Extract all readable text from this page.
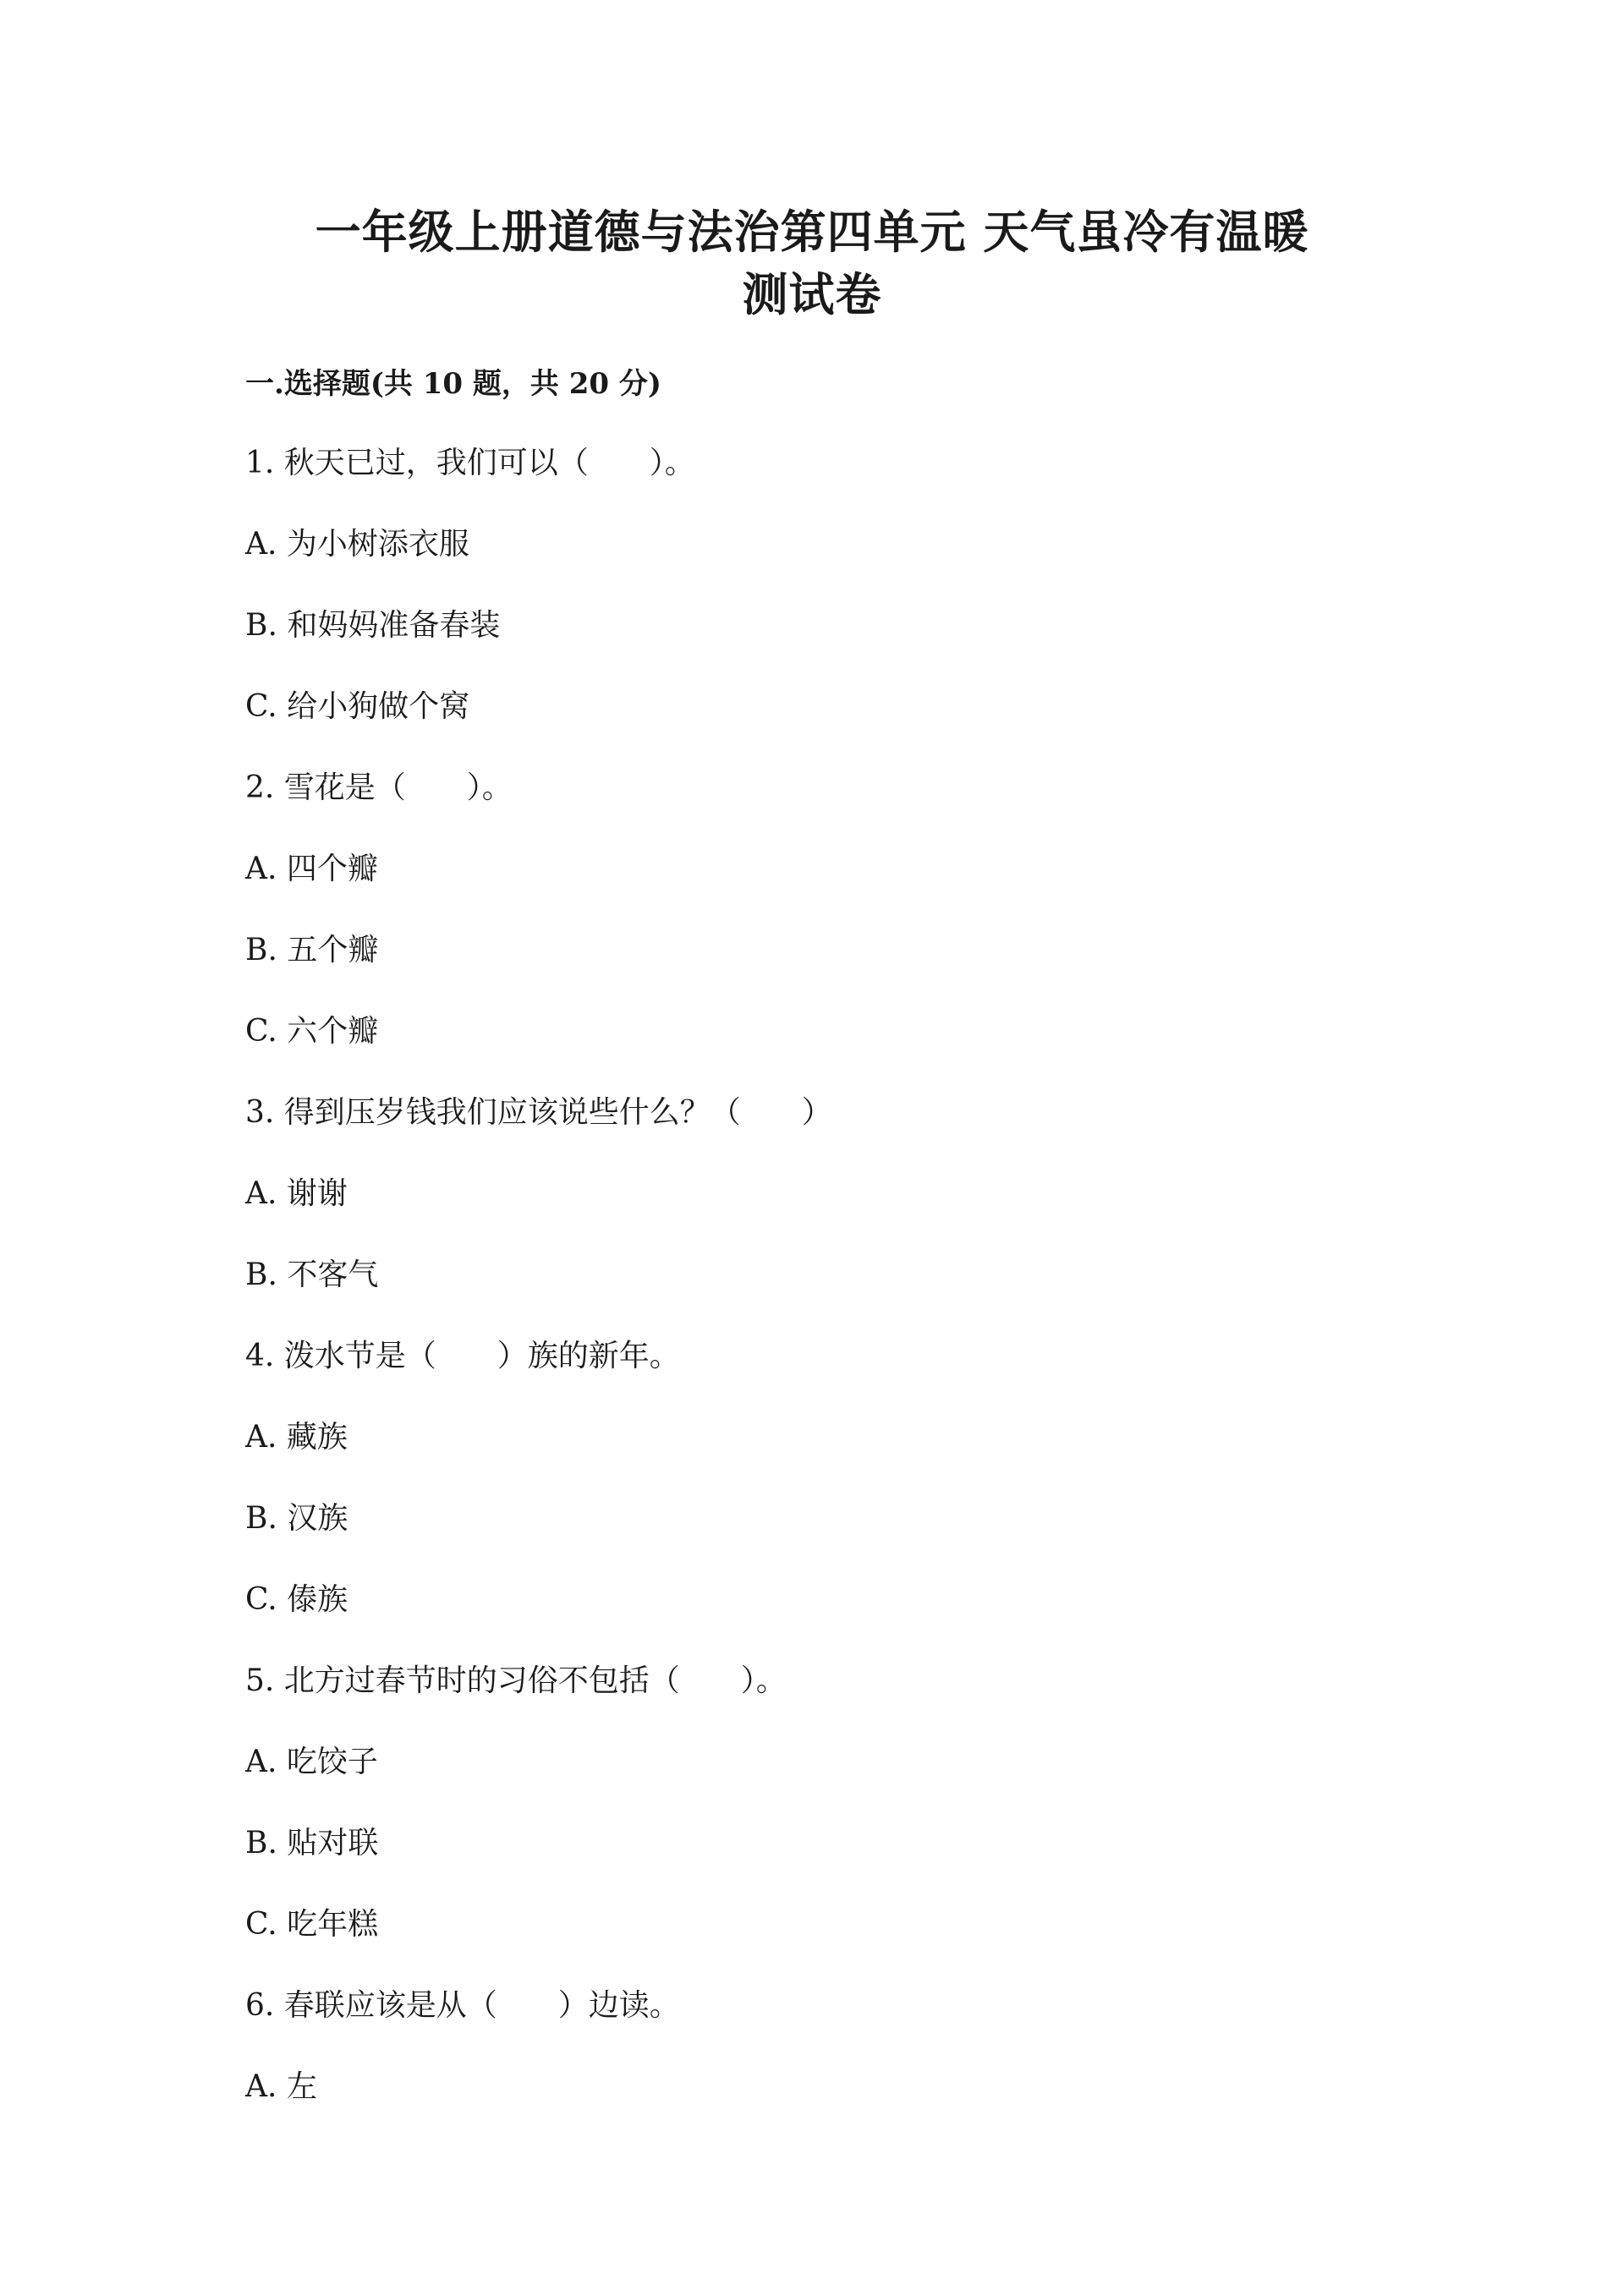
一年级上册道德与法治第四单元 天气虽冷有温暖
测试卷
一.选择题(共 10 题，共 20 分)
1. 秋天已过，我们可以（　　）。
A. 为小树添衣服
B. 和妈妈准备春装
C. 给小狗做个窝
2. 雪花是（　　）。
A. 四个瓣
B. 五个瓣
C. 六个瓣
3. 得到压岁钱我们应该说些什么？（　　）
A. 谢谢
B. 不客气
4. 泼水节是（　　）族的新年。
A. 藏族
B. 汉族
C. 傣族
5. 北方过春节时的习俗不包括（　　）。
A. 吃饺子
B. 贴对联
C. 吃年糕
6. 春联应该是从（　　）边读。
A. 左
